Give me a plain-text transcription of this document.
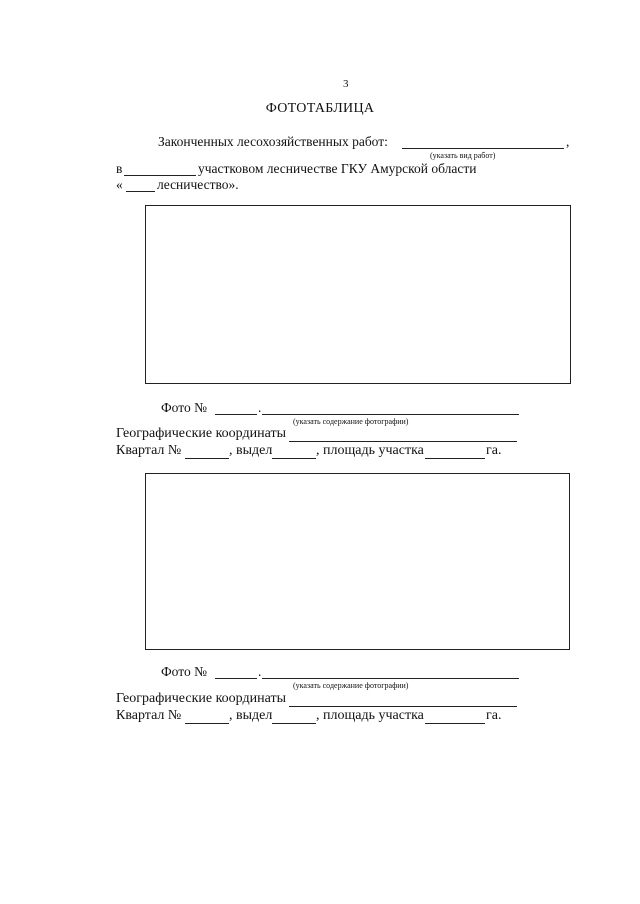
3
ФОТОТАБЛИЦА
Законченных лесохозяйственных работ:	,
(указать вид работ)
в	участковом лесничестве ГКУ Амурской области
«	лесничество».
Фото №	.
(указать содержание фотографии)
Географические координаты
Квартал №	, выдел	, площадь участка	га.
Фото №	.
(указать содержание фотографии)
Географические координаты
Квартал №	, выдел	, площадь участка	га.
